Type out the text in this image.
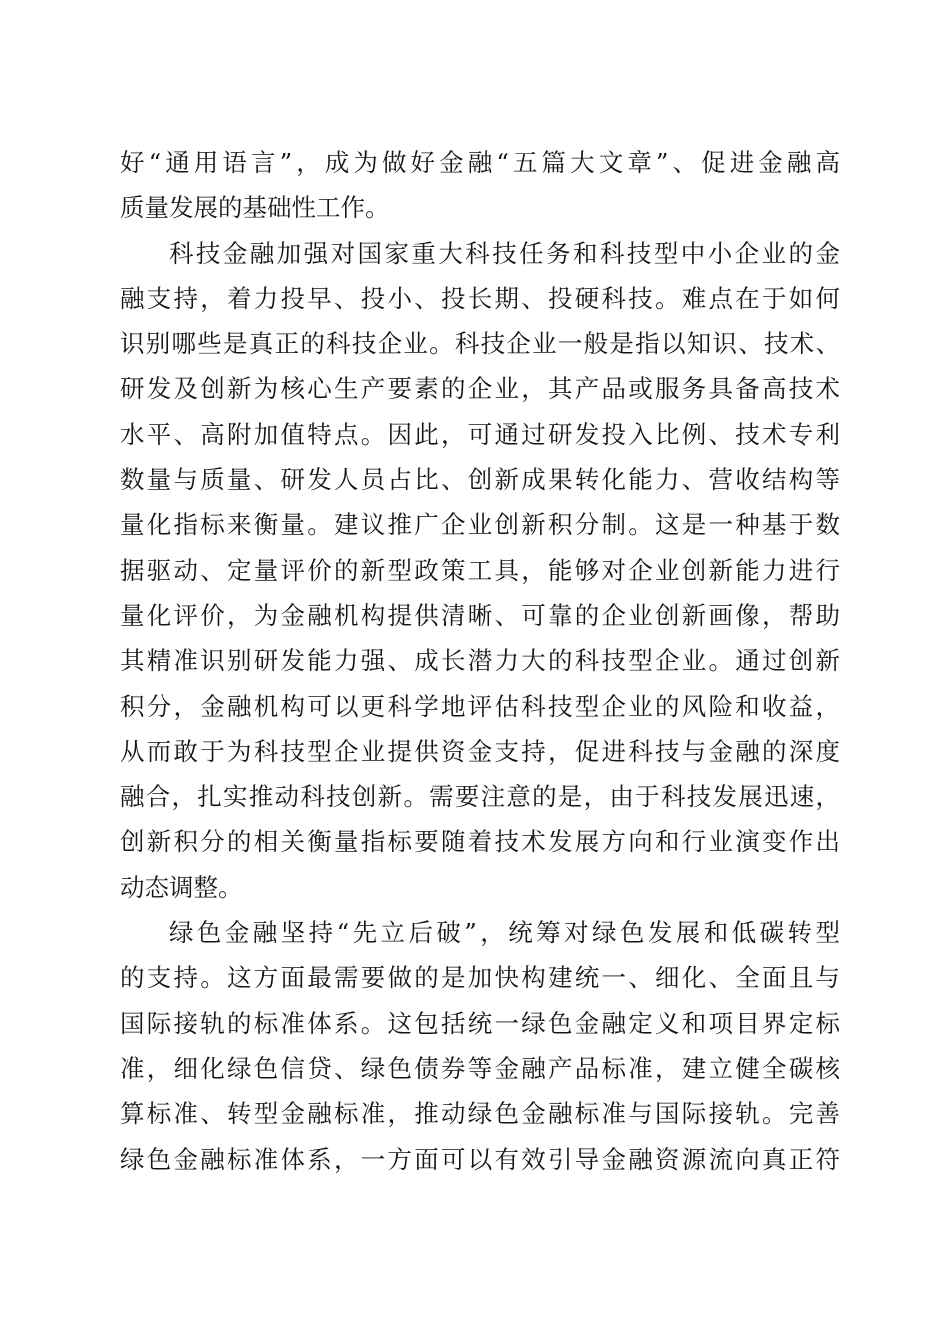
好“通用语言”，成为做好金融“五篇大文章”、促进金融高
质量发展的基础性工作。
科技金融加强对国家重大科技任务和科技型中小企业的金
融支持，着力投早、投小、投长期、投硬科技。难点在于如何
识别哪些是真正的科技企业。科技企业一般是指以知识、技术、
研发及创新为核心生产要素的企业，其产品或服务具备高技术
水平、高附加值特点。因此，可通过研发投入比例、技术专利
数量与质量、研发人员占比、创新成果转化能力、营收结构等
量化指标来衡量。建议推广企业创新积分制。这是一种基于数
据驱动、定量评价的新型政策工具，能够对企业创新能力进行
量化评价，为金融机构提供清晰、可靠的企业创新画像，帮助
其精准识别研发能力强、成长潜力大的科技型企业。通过创新
积分，金融机构可以更科学地评估科技型企业的风险和收益，
从而敢于为科技型企业提供资金支持，促进科技与金融的深度
融合，扎实推动科技创新。需要注意的是，由于科技发展迅速，
创新积分的相关衡量指标要随着技术发展方向和行业演变作出
动态调整。
绿色金融坚持“先立后破”，统筹对绿色发展和低碳转型
的支持。这方面最需要做的是加快构建统一、细化、全面且与
国际接轨的标准体系。这包括统一绿色金融定义和项目界定标
准，细化绿色信贷、绿色债券等金融产品标准，建立健全碳核
算标准、转型金融标准，推动绿色金融标准与国际接轨。完善
绿色金融标准体系，一方面可以有效引导金融资源流向真正符
